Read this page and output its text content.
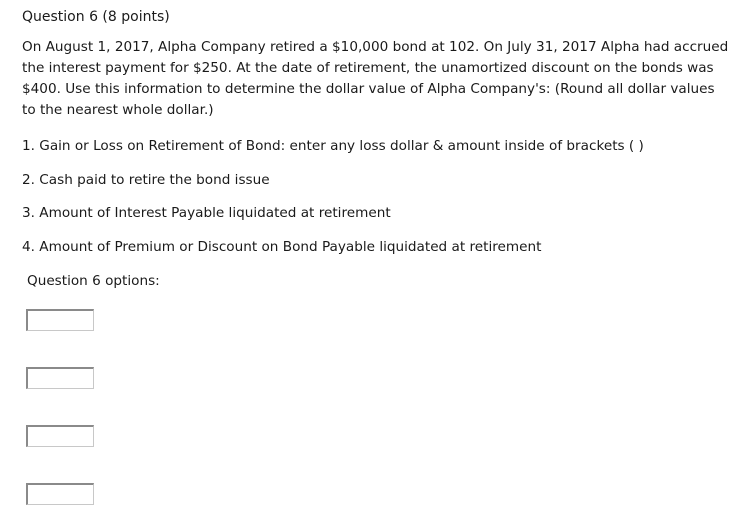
Question 6 (8 points)

On August 1, 2017, Alpha Company retired a $10,000 bond at 102. On July 31, 2017 Alpha had accrued the interest payment for $250. At the date of retirement, the unamortized discount on the bonds was $400. Use this information to determine the dollar value of Alpha Company's: (Round all dollar values to the nearest whole dollar.)

1. Gain or Loss on Retirement of Bond: enter any loss dollar & amount inside of brackets ( )
2. Cash paid to retire the bond issue
3. Amount of Interest Payable liquidated at retirement
4. Amount of Premium or Discount on Bond Payable liquidated at retirement
Question 6 options:
